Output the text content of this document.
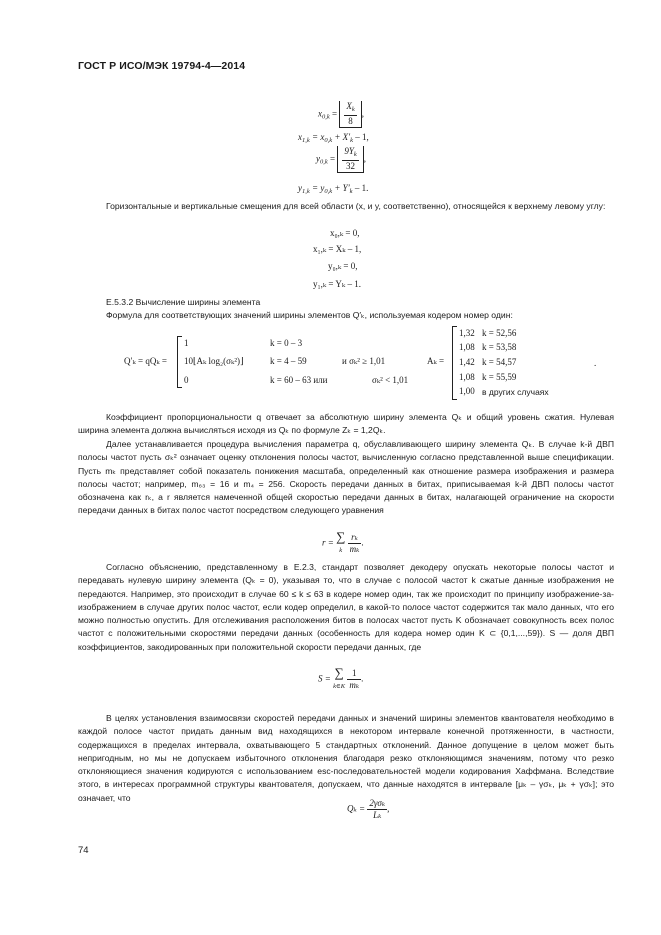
ГОСТ Р ИСО/МЭК 19794-4—2014
$x_{0,k} = \frac{X_k}{8}$ ,
$x_{1,k} = x_{0,k} + X'_k - 1$,
$y_{0,k} = \frac{9Y_k}{32}$ ,
$y_{1,k} = y_{0,k} + Y'_k - 1$.
Горизонтальные и вертикальные смещения для всей области (x, и y, соответственно), относящейся к верхнему левому углу:
x₀,ₖ = 0,
x₁,ₖ = Xₖ – 1,
y₀,ₖ = 0,
y₁,ₖ = Yₖ – 1.
Е.5.3.2 Вычисление ширины элемента
Формула для соответствующих значений ширины элементов Q′ₖ, используемая кодером номер один:
Q′ₖ = qQₖ =
1	k = 0 – 3
10⌊Aₖ log₂(σₖ²)⌋	k = 4 – 59	и σₖ² ≥ 1,01
0	k = 60 – 63 или	σₖ² < 1,01
Aₖ =
1,32 k = 52,56
1,08 k = 53,58
1,42 k = 54,57
1,08 k = 55,59
1,00 в других случаях
.
Коэффициент пропорциональности q отвечает за абсолютную ширину элемента Qₖ и общий уровень сжатия. Нулевая ширина элемента должна вычисляться исходя из Qₖ по формуле Zₖ = 1,2Qₖ.
Далее устанавливается процедура вычисления параметра q, обуславливающего ширину элемента Qₖ. В случае k-й ДВП полосы частот пусть σₖ² означает оценку отклонения полосы частот, вычисленную согласно представленной выше спецификации. Пусть mₖ представляет собой показатель понижения масштаба, определенный как отношение размера изображения и размера полосы частот; например, m₆₃ = 16 и m₄ = 256. Скорость передачи данных в битах, приписываемая k-й ДВП полосы частот обозначена как rₖ, а r является намеченной общей скоростью передачи данных в битах, налагающей ограничение на скорости передачи данных в битах полос частот посредством следующего уравнения
r = ∑
k $\frac{\text{rₖ}}{\text{mₖ}}$ .
Согласно объяснению, представленному в Е.2.3, стандарт позволяет декодеру опускать некоторые полосы частот и передавать нулевую ширину элемента (Qₖ = 0), указывая то, что в случае с полосой частот k сжатые данные изображения не передаются. Например, это происходит в случае 60 ≤ k ≤ 63 в кодере номер один, так же происходит по принципу изображение-за-изображением в случае других полос частот, если кодер определил, в какой-то полосе частот содержится так мало данных, что его можно полностью опустить. Для отслеживания расположения битов в полосах частот пусть K обозначает совокупность всех полос частот с положительными скоростями передачи данных (особенность для кодера номер один K ⊂ {0,1,...,59}). S — доля ДВП коэффициентов, закодированных при положительной скорости передачи данных, где
S = ∑
k∈K $\frac{1}{\text{mₖ}}$ .
В целях установления взаимосвязи скоростей передачи данных и значений ширины элементов квантователя необходимо в каждой полосе частот придать данным вид находящихся в некотором интервале конечной протяженности, в частности, содержащихся в пределах интервала, охватывающего 5 стандартных отклонений. Данное допущение в целом может быть непригодным, но мы не допускаем избыточного отклонения благодаря резко отклоняющимся значениям, потому что резко отклоняющиеся значения кодируются с использованием esc-последовательностей модели кодирования Хаффмана. Вследствие этого, в интересах программной структуры квантователя, допускаем, что данные находятся в интервале [μₖ – γσₖ, μₖ + γσₖ]; это означает, что
$Q_k = \frac{\text{2γσₖ}}{\text{Lₖ}}$ ,
74
